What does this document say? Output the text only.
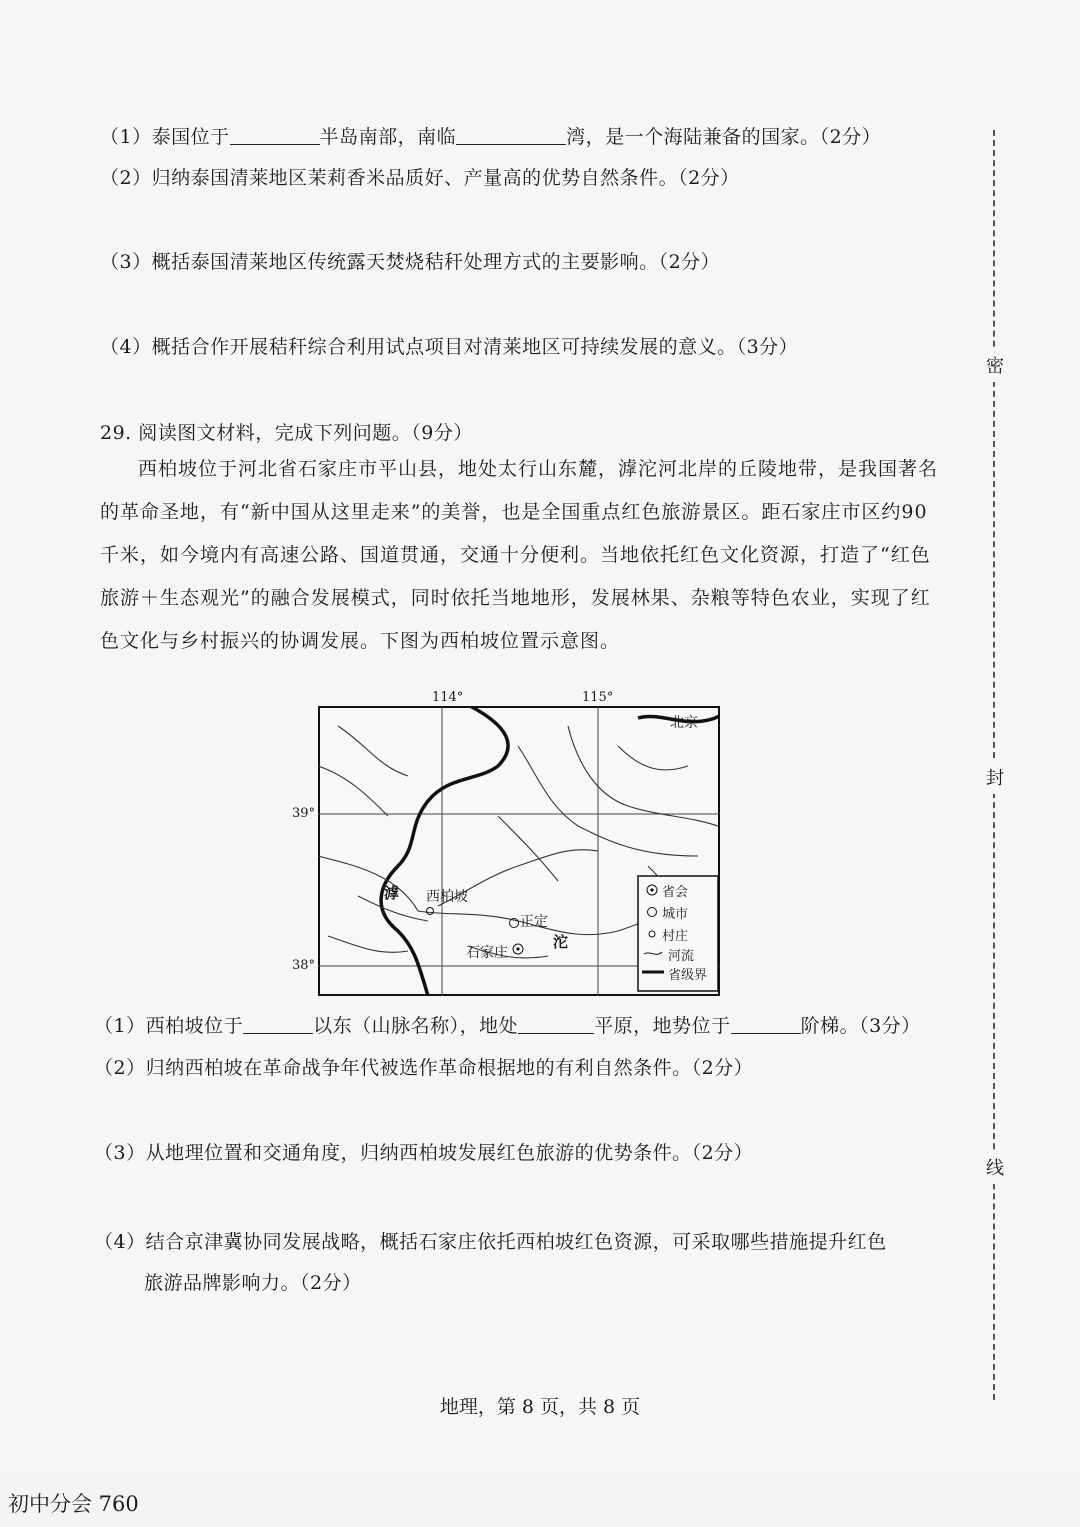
（1）泰国位于	半岛南部，南临	湾，是一个海陆兼备的国家。（2分）
（2）归纳泰国清莱地区茉莉香米品质好、产量高的优势自然条件。（2分）
（3）概括泰国清莱地区传统露天焚烧秸秆处理方式的主要影响。（2分）
（4）概括合作开展秸秆综合利用试点项目对清莱地区可持续发展的意义。（3分）
29. 阅读图文材料，完成下列问题。（9分）
西柏坡位于河北省石家庄市平山县，地处太行山东麓，滹沱河北岸的丘陵地带，是我国著名的革命圣地，有“新中国从这里走来”的美誉，也是全国重点红色旅游景区。距石家庄市区约90千米，如今境内有高速公路、国道贯通，交通十分便利。当地依托红色文化资源，打造了“红色旅游＋生态观光”的融合发展模式，同时依托当地地形，发展林果、杂粮等特色农业，实现了红色文化与乡村振兴的协调发展。下图为西柏坡位置示意图。
114°	115°
39°
38°
北京
西柏坡
正定
石家庄
滹
沱
省会
城市
村庄
河流
省级界
（1）西柏坡位于	以东（山脉名称），地处	平原，地势位于	阶梯。（3分）
（2）归纳西柏坡在革命战争年代被选作革命根据地的有利自然条件。（2分）
（3）从地理位置和交通角度，归纳西柏坡发展红色旅游的优势条件。（2分）
（4）结合京津冀协同发展战略，概括石家庄依托西柏坡红色资源，可采取哪些措施提升红色
旅游品牌影响力。（2分）
密
封
线
地理，第 8 页，共 8 页
初中分会 760
